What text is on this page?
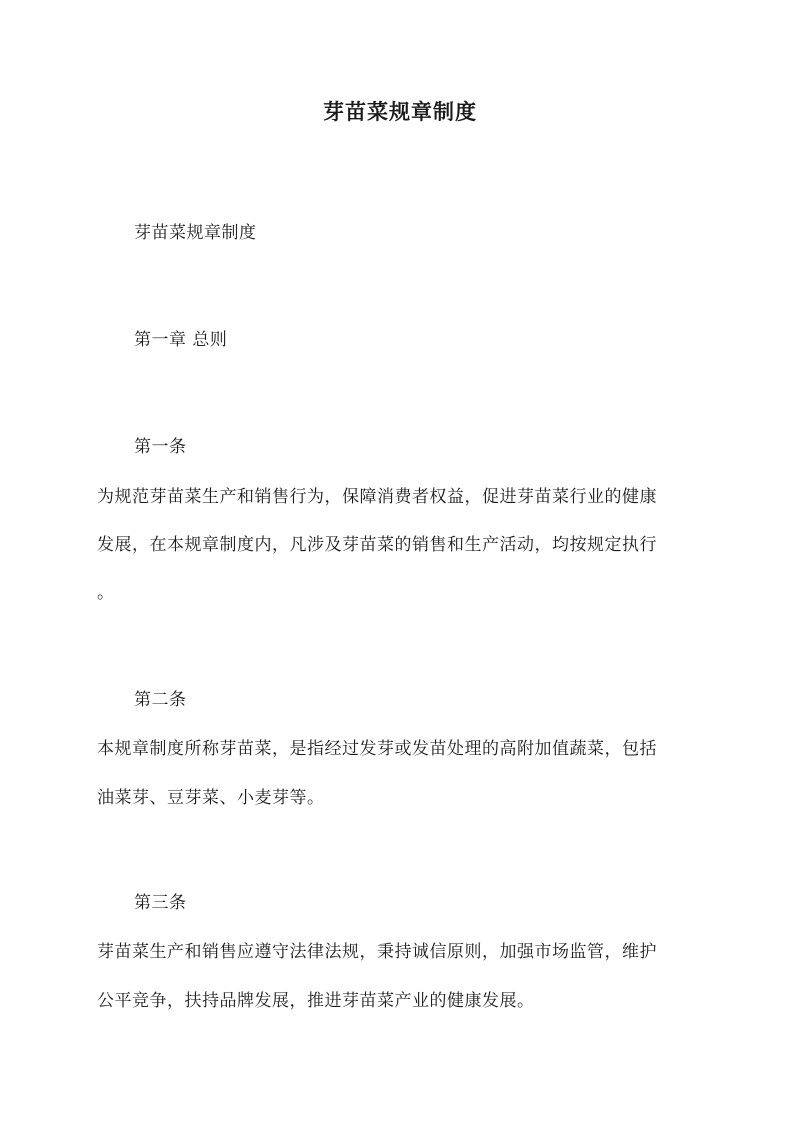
芽苗菜规章制度
芽苗菜规章制度
第一章 总则
第一条
为规范芽苗菜生产和销售行为，保障消费者权益，促进芽苗菜行业的健康
发展，在本规章制度内，凡涉及芽苗菜的销售和生产活动，均按规定执行
。
第二条
本规章制度所称芽苗菜，是指经过发芽或发苗处理的高附加值蔬菜，包括
油菜芽、豆芽菜、小麦芽等。
第三条
芽苗菜生产和销售应遵守法律法规，秉持诚信原则，加强市场监管，维护
公平竞争，扶持品牌发展，推进芽苗菜产业的健康发展。
